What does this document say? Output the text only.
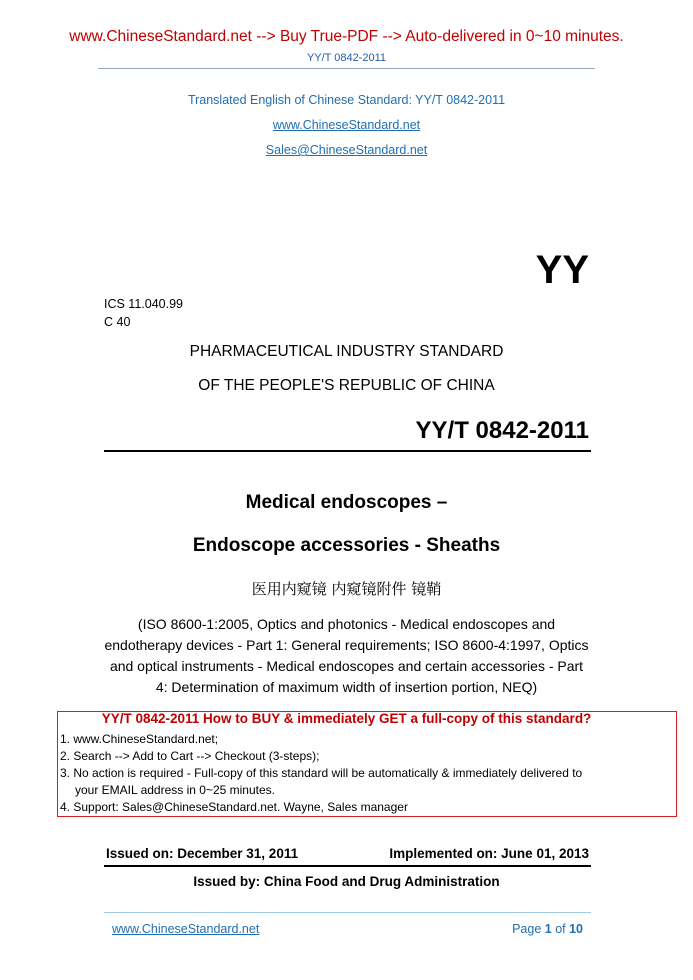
www.ChineseStandard.net --> Buy True-PDF --> Auto-delivered in 0~10 minutes.
YY/T 0842-2011
Translated English of Chinese Standard: YY/T 0842-2011
www.ChineseStandard.net
Sales@ChineseStandard.net
YY
ICS 11.040.99
C 40
PHARMACEUTICAL INDUSTRY STANDARD
OF THE PEOPLE'S REPUBLIC OF CHINA
YY/T 0842-2011
Medical endoscopes –
Endoscope accessories - Sheaths
医用内窥镜 内窥镜附件 镜鞘
(ISO 8600-1:2005, Optics and photonics - Medical endoscopes and
endotherapy devices - Part 1: General requirements; ISO 8600-4:1997, Optics
and optical instruments - Medical endoscopes and certain accessories - Part
4: Determination of maximum width of insertion portion, NEQ)
YY/T 0842-2011 How to BUY & immediately GET a full-copy of this standard?
1. www.ChineseStandard.net;
2. Search --> Add to Cart --> Checkout (3-steps);
3. No action is required - Full-copy of this standard will be automatically & immediately delivered to
your EMAIL address in 0~25 minutes.
4. Support: Sales@ChineseStandard.net. Wayne, Sales manager
Issued on: December 31, 2011	Implemented on: June 01, 2013
Issued by: China Food and Drug Administration
www.ChineseStandard.net	Page 1 of 10
